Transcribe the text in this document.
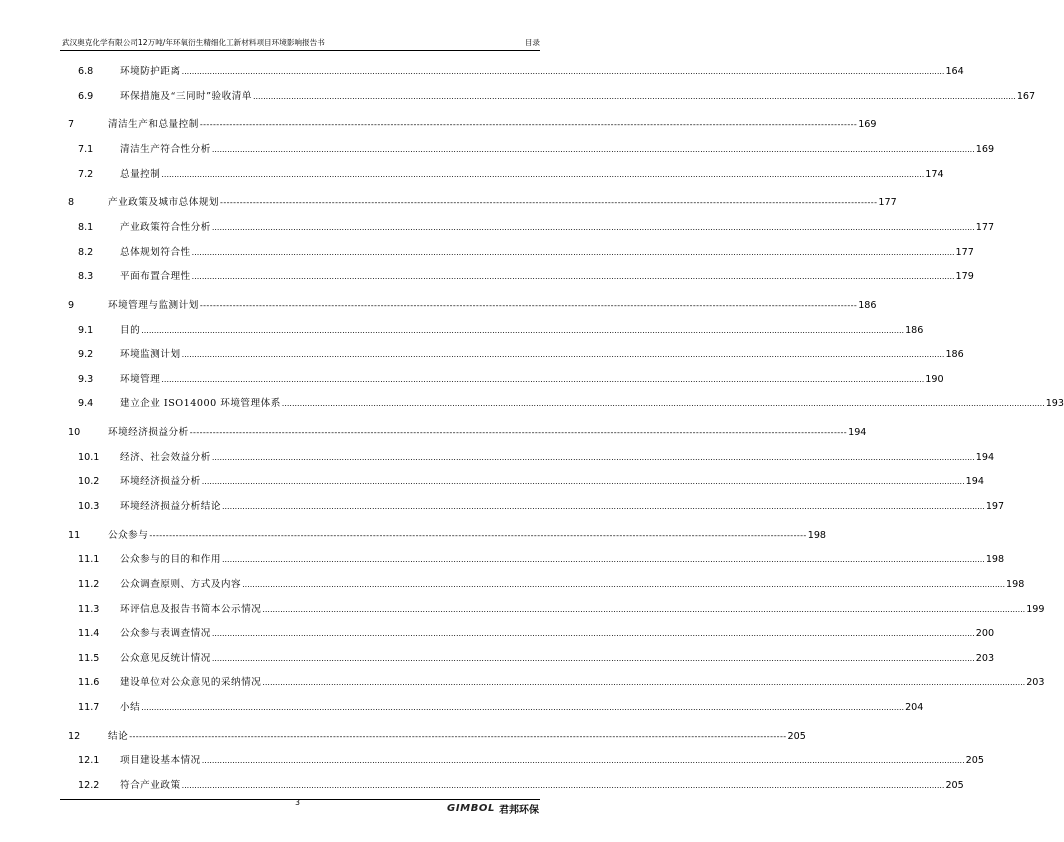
武汉奥克化学有限公司12万吨/年环氧衍生精细化工新材料项目环境影响报告书	目录
6.8	环境防护距离 ............................................................................................................................................................................................................................................................................................................ 164
6.9	环保措施及“三同时”验收清单 ............................................................................................................................................................................................................................................................................................................ 167
7	清洁生产和总量控制 -------------------------------------------------------------------------------------------------------------------------------------------------------------------------------------------------------- 169
7.1	清洁生产符合性分析 ............................................................................................................................................................................................................................................................................................................ 169
7.2	总量控制 ............................................................................................................................................................................................................................................................................................................ 174
8	产业政策及城市总体规划 -------------------------------------------------------------------------------------------------------------------------------------------------------------------------------------------------------- 177
8.1	产业政策符合性分析 ............................................................................................................................................................................................................................................................................................................ 177
8.2	总体规划符合性 ............................................................................................................................................................................................................................................................................................................ 177
8.3	平面布置合理性 ............................................................................................................................................................................................................................................................................................................ 179
9	环境管理与监测计划 -------------------------------------------------------------------------------------------------------------------------------------------------------------------------------------------------------- 186
9.1	目的 ............................................................................................................................................................................................................................................................................................................ 186
9.2	环境监测计划 ............................................................................................................................................................................................................................................................................................................ 186
9.3	环境管理 ............................................................................................................................................................................................................................................................................................................ 190
9.4	建立企业 ISO14000 环境管理体系 ............................................................................................................................................................................................................................................................................................................ 193
10	环境经济损益分析 -------------------------------------------------------------------------------------------------------------------------------------------------------------------------------------------------------- 194
10.1	经济、社会效益分析 ............................................................................................................................................................................................................................................................................................................ 194
10.2	环境经济损益分析 ............................................................................................................................................................................................................................................................................................................ 194
10.3	环境经济损益分析结论 ............................................................................................................................................................................................................................................................................................................ 197
11	公众参与 -------------------------------------------------------------------------------------------------------------------------------------------------------------------------------------------------------- 198
11.1	公众参与的目的和作用 ............................................................................................................................................................................................................................................................................................................ 198
11.2	公众调查原则、方式及内容 ............................................................................................................................................................................................................................................................................................................ 198
11.3	环评信息及报告书简本公示情况 ............................................................................................................................................................................................................................................................................................................ 199
11.4	公众参与表调查情况 ............................................................................................................................................................................................................................................................................................................ 200
11.5	公众意见反统计情况 ............................................................................................................................................................................................................................................................................................................ 203
11.6	建设单位对公众意见的采纳情况 ............................................................................................................................................................................................................................................................................................................ 203
11.7	小结 ............................................................................................................................................................................................................................................................................................................ 204
12	结论 -------------------------------------------------------------------------------------------------------------------------------------------------------------------------------------------------------- 205
12.1	项目建设基本情况 ............................................................................................................................................................................................................................................................................................................ 205
12.2	符合产业政策 ............................................................................................................................................................................................................................................................................................................ 205
3	GIMBOL 君邦环保
